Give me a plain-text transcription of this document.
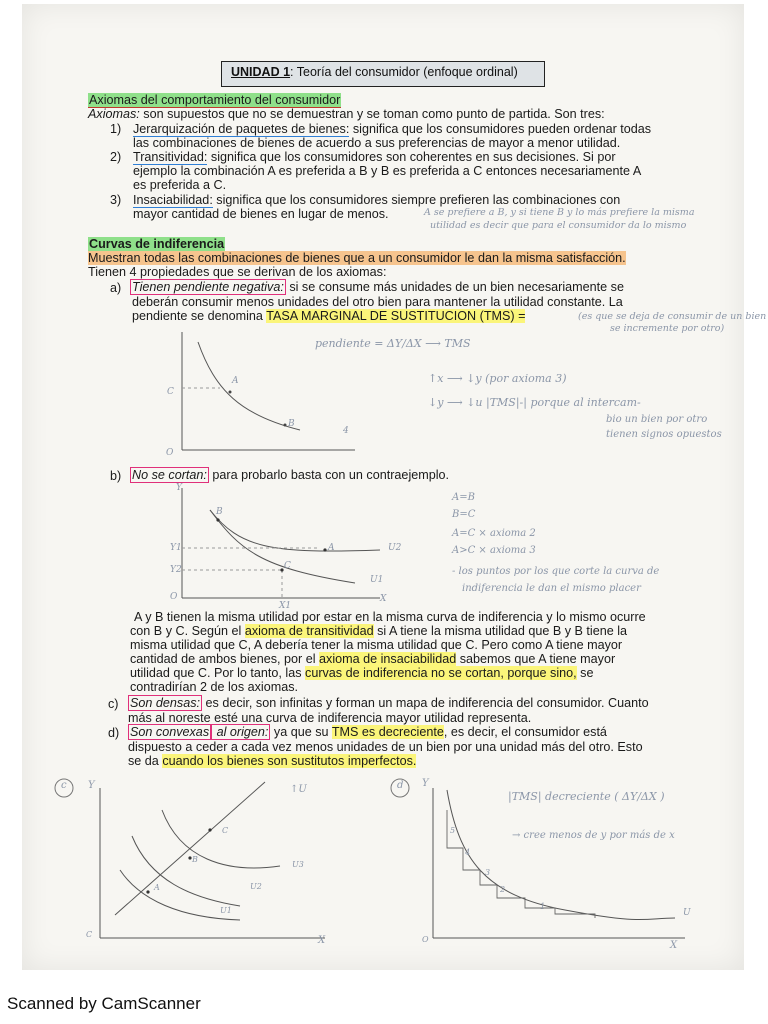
UNIDAD 1: Teoría del consumidor (enfoque ordinal)
Axiomas del comportamiento del consumidor
Axiomas: son supuestos que no se demuestran y se toman como punto de partida. Son tres:
1) Jerarquización de paquetes de bienes: significa que los consumidores pueden ordenar todas
las combinaciones de bienes de acuerdo a sus preferencias de mayor a menor utilidad.
2) Transitividad: significa que los consumidores son coherentes en sus decisiones. Si por
ejemplo la combinación A es preferida a B y B es preferida a C entonces necesariamente A
es preferida a C.
3) Insaciabilidad: significa que los consumidores siempre prefieren las combinaciones con
mayor cantidad de bienes en lugar de menos.	A se prefiere a B, y si tiene B y lo más prefiere la misma
utilidad es decir que para el consumidor da lo mismo
Curvas de indiferencia
Muestran todas las combinaciones de bienes que a un consumidor le dan la misma satisfacción.
Tienen 4 propiedades que se derivan de los axiomas:
a) Tienen pendiente negativa: si se consume más unidades de un bien necesariamente se
deberán consumir menos unidades del otro bien para mantener la utilidad constante. La
pendiente se denomina TASA MARGINAL DE SUSTITUCION (TMS) =	(es que se deja de consumir de un bien
se incremente por otro)
A
B
C
4
O
pendiente = ΔY/ΔX ⟶ TMS
↑x ⟶ ↓y (por axioma 3)
↓y ⟶ ↓u |TMS|-| porque al intercam-
bio un bien por otro
tienen signos opuestos
b) No se cortan: para probarlo basta con un contraejemplo.
B
A
C
U2
U1
Y1
Y2
X1
X
Y
O
A=B
B=C
A=C × axioma 2
A>C × axioma 3
- los puntos por los que corte la curva de
indiferencia le dan el mismo placer
A y B tienen la misma utilidad por estar en la misma curva de indiferencia y lo mismo ocurre
con B y C. Según el axioma de transitividad si A tiene la misma utilidad que B y B tiene la
misma utilidad que C, A debería tener la misma utilidad que C. Pero como A tiene mayor
cantidad de ambos bienes, por el axioma de insaciabilidad sabemos que A tiene mayor
utilidad que C. Por lo tanto, las curvas de indiferencia no se cortan, porque sino, se
contradirían 2 de los axiomas.
c) Son densas: es decir, son infinitas y forman un mapa de indiferencia del consumidor. Cuanto
más al noreste esté una curva de indiferencia mayor utilidad representa.
d) Son convexas al origen: ya que su TMS es decreciente, es decir, el consumidor está
dispuesto a ceder a cada vez menos unidades de un bien por una unidad más del otro. Esto
se da cuando los bienes son sustitutos imperfectos.
c Y
X
↑U
U3
U2
U1
A
B
C
C
d Y
X
U
5
4
3
2
1
O
|TMS| decreciente ( ΔY/ΔX )
→ cree menos de y por más de x
Scanned by CamScanner
